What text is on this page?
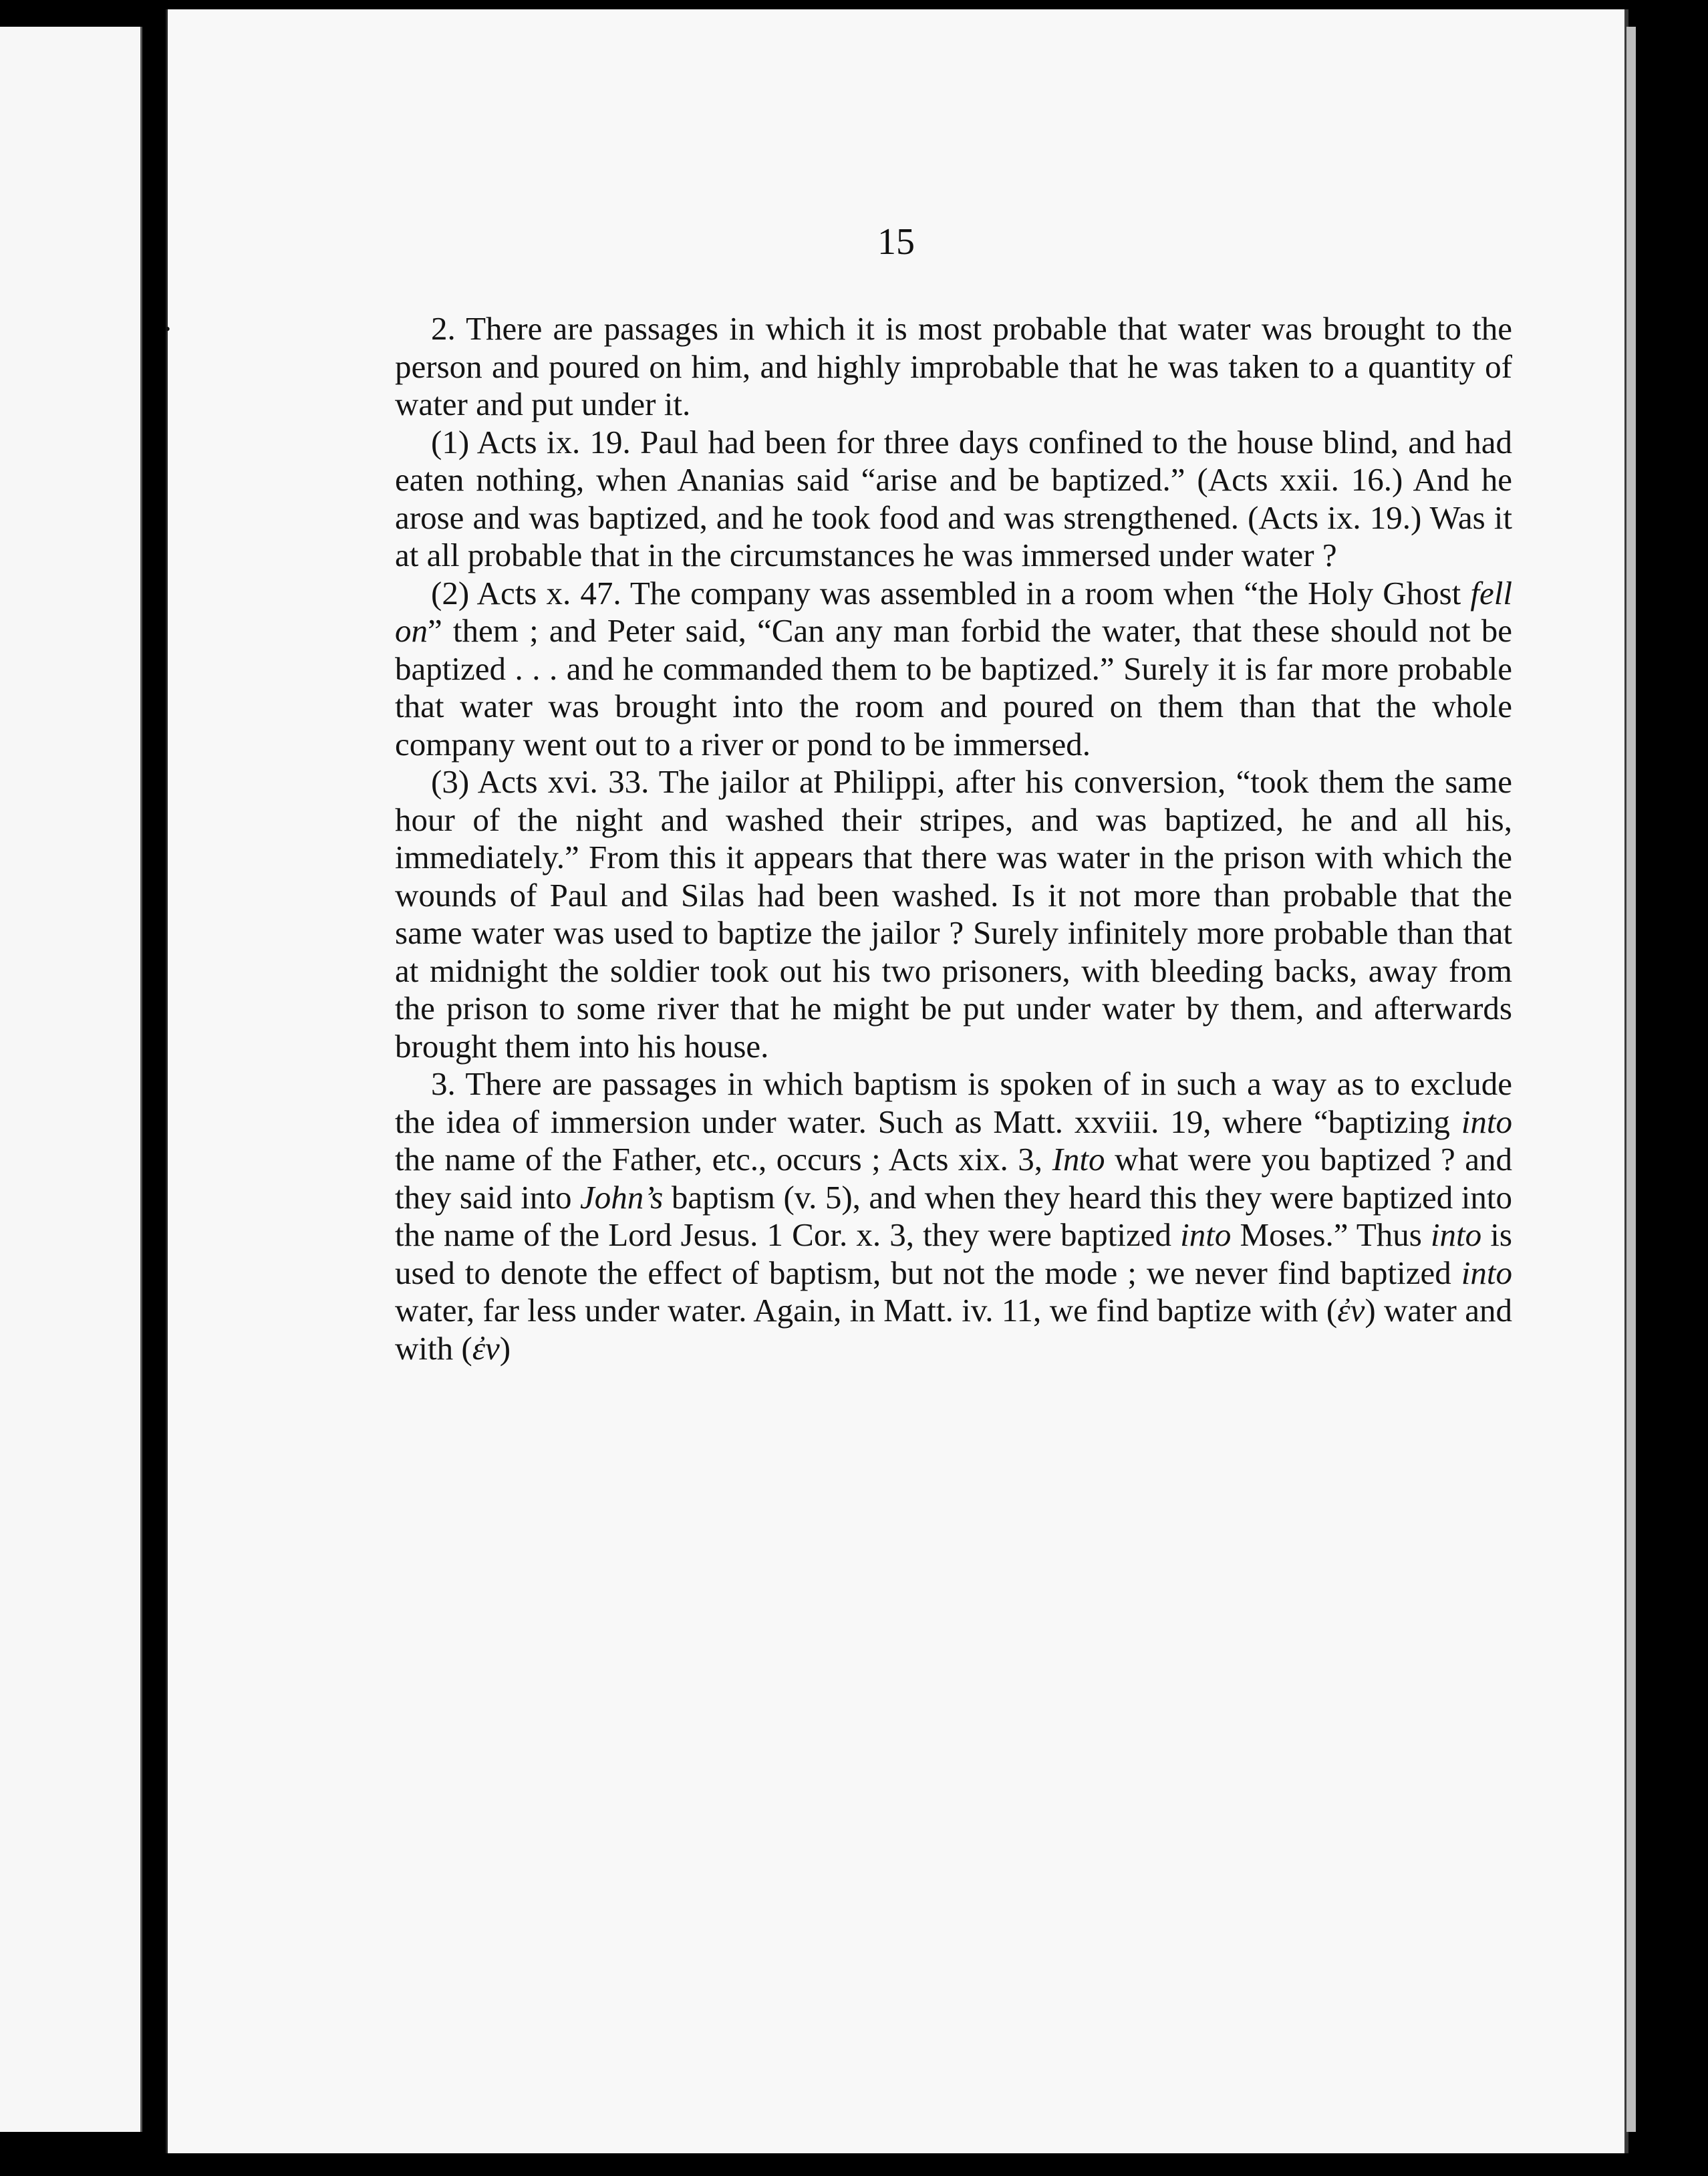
15

2. There are passages in which it is most probable that water was brought to the person and poured on him, and highly improbable that he was taken to a quantity of water and put under it.

(1) Acts ix. 19. Paul had been for three days confined to the house blind, and had eaten nothing, when Ananias said “arise and be baptized.” (Acts xxii. 16.) And he arose and was baptized, and he took food and was strengthened. (Acts ix. 19.) Was it at all probable that in the circumstances he was immersed under water ?

(2) Acts x. 47. The company was assembled in a room when “the Holy Ghost fell on” them ; and Peter said, “Can any man forbid the water, that these should not be baptized . . . and he commanded them to be baptized.” Surely it is far more probable that water was brought into the room and poured on them than that the whole company went out to a river or pond to be immersed.

(3) Acts xvi. 33. The jailor at Philippi, after his conversion, “took them the same hour of the night and washed their stripes, and was baptized, he and all his, immediately.” From this it appears that there was water in the prison with which the wounds of Paul and Silas had been washed. Is it not more than probable that the same water was used to baptize the jailor ? Surely infinitely more probable than that at midnight the soldier took out his two prisoners, with bleeding backs, away from the prison to some river that he might be put under water by them, and afterwards brought them into his house.

3. There are passages in which baptism is spoken of in such a way as to exclude the idea of immersion under water. Such as Matt. xxviii. 19, where “baptizing into the name of the Father, etc., occurs ; Acts xix. 3, Into what were you baptized ? and they said into John’s baptism (v. 5), and when they heard this they were baptized into the name of the Lord Jesus. 1 Cor. x. 3, they were baptized into Moses.” Thus into is used to denote the effect of baptism, but not the mode ; we never find baptized into water, far less under water. Again, in Matt. iv. 11, we find baptize with (ἐν) water and with (ἐν)

•
